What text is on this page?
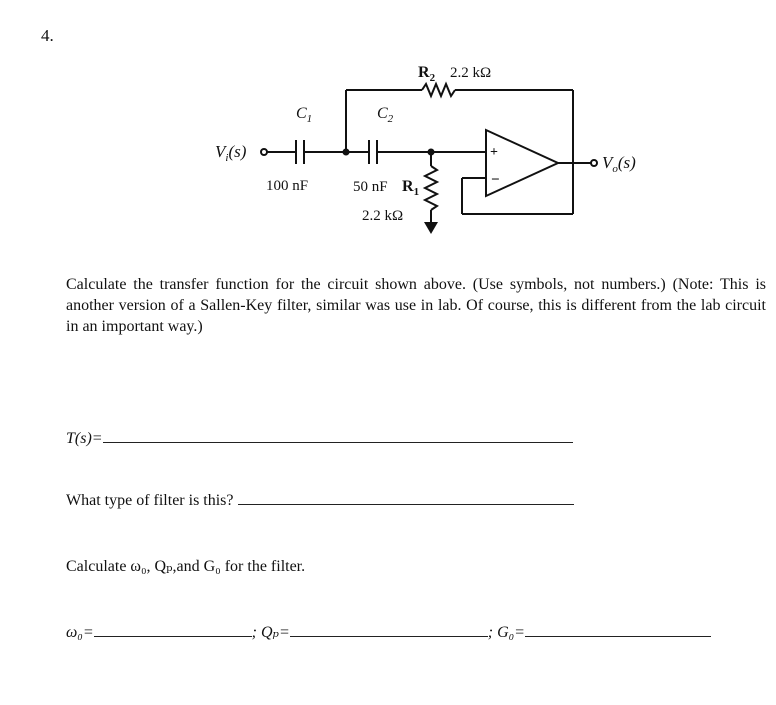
4.
+
−
$V_i(s)$
$V_o(s)$
$C_1$	$C_2$
100 nF	50 nF $R_1$
2.2 kΩ
$R_2$ 2.2 kΩ
Calculate the transfer function for the circuit shown above. (Use symbols, not numbers.) (Note: This is another version of a Sallen-Key filter, similar was use in lab. Of course, this is different from the lab circuit in an important way.)
T(s)=
What type of filter is this?
Calculate ω₀, Qₚ,and G₀ for the filter.
ω₀=	; Qₚ=	; G₀=
